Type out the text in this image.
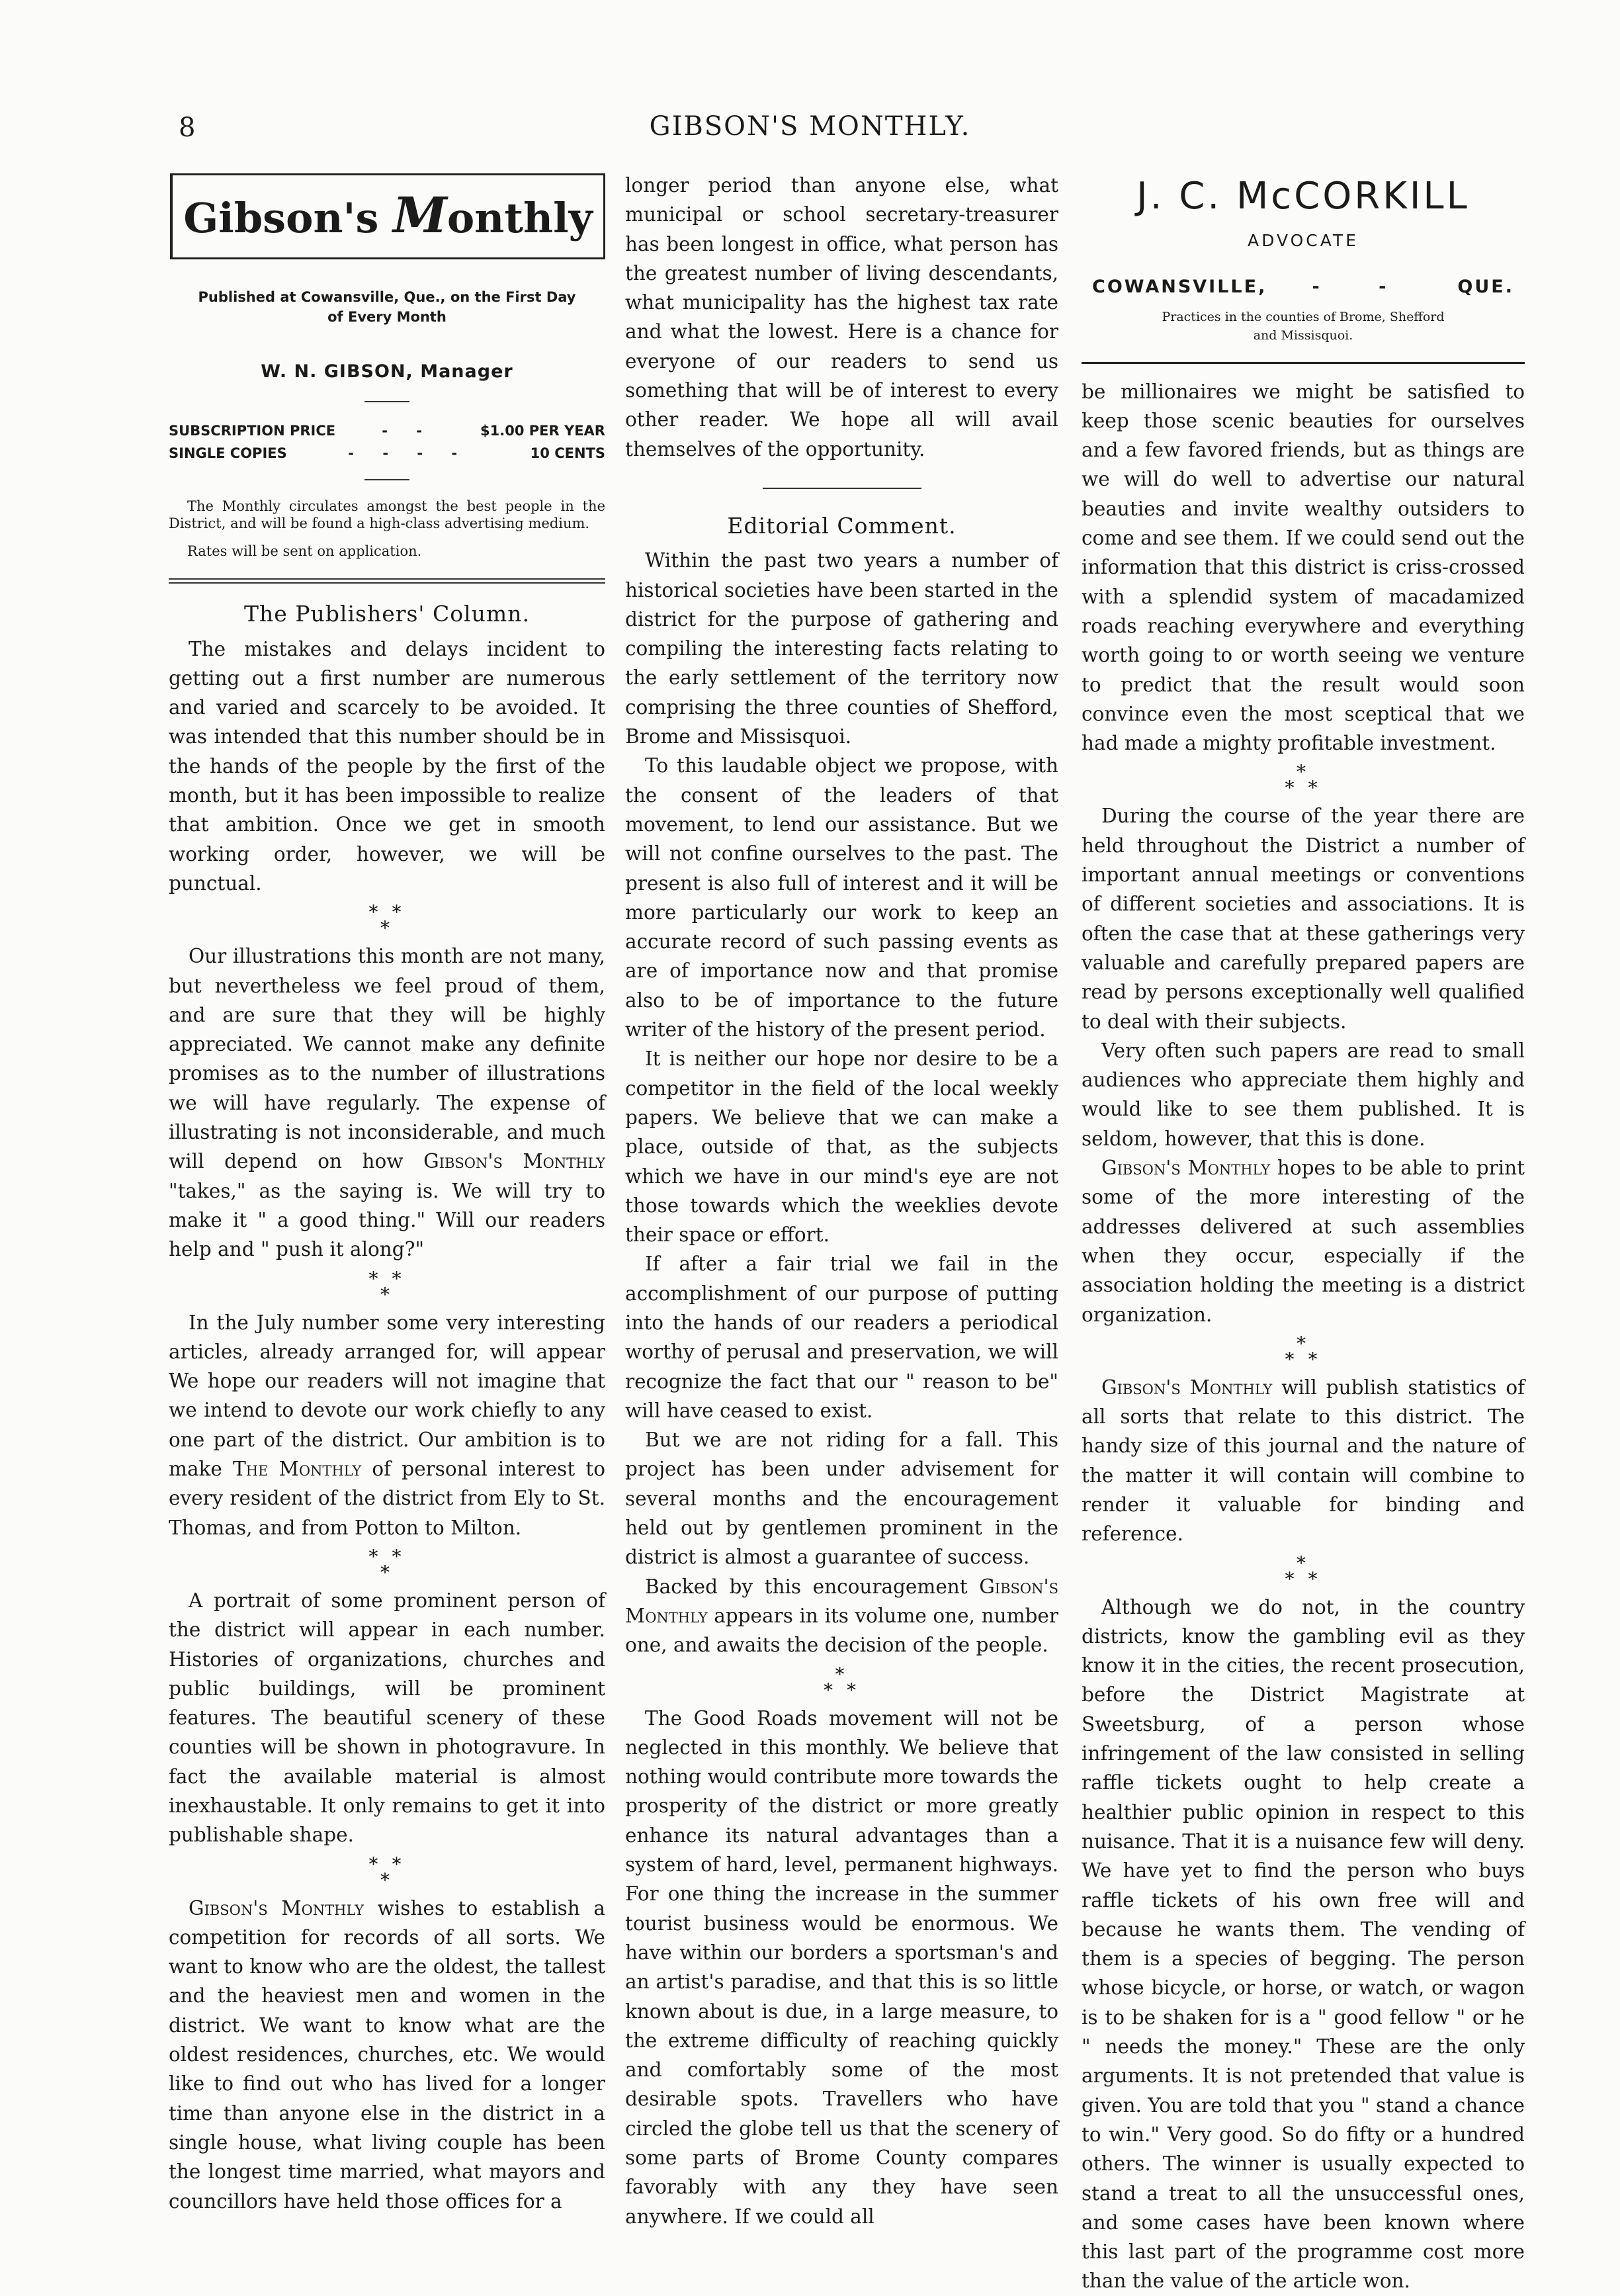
8	GIBSON'S MONTHLY.
Gibson's Monthly
Published at Cowansville, Que., on the First Day
of Every Month
W. N. GIBSON, Manager
SUBSCRIPTION PRICE	- -	$1.00 PER YEAR
SINGLE COPIES	- - - -	10 CENTS
The Monthly circulates amongst the best people in the District, and will be found a high-class advertising medium.
Rates will be sent on application.
The Publishers' Column.

The mistakes and delays incident to getting out a first number are numerous and varied and scarcely to be avoided. It was intended that this number should be in the hands of the people by the first of the month, but it has been impossible to realize that ambition. Once we get in smooth working order, however, we will be punctual.

* *
*

Our illustrations this month are not many, but nevertheless we feel proud of them, and are sure that they will be highly appreciated. We cannot make any definite promises as to the number of illustrations we will have regularly. The expense of illustrating is not inconsiderable, and much will depend on how Gibson's Monthly "takes," as the saying is. We will try to make it " a good thing." Will our readers help and " push it along?"

* *
*

In the July number some very interesting articles, already arranged for, will appear We hope our readers will not imagine that we intend to devote our work chiefly to any one part of the district. Our ambition is to make The Monthly of personal interest to every resident of the district from Ely to St. Thomas, and from Potton to Milton.

* *
*

A portrait of some prominent person of the district will appear in each number. Histories of organizations, churches and public buildings, will be prominent features. The beautiful scenery of these counties will be shown in photogravure. In fact the available material is almost inexhaustable. It only remains to get it into publishable shape.

* *
*

Gibson's Monthly wishes to establish a competition for records of all sorts. We want to know who are the oldest, the tallest and the heaviest men and women in the district. We want to know what are the oldest residences, churches, etc. We would like to find out who has lived for a longer time than anyone else in the district in a single house, what living couple has been the longest time married, what mayors and councillors have held those offices for a

longer period than anyone else, what municipal or school secretary-treasurer has been longest in office, what person has the greatest number of living descendants, what municipality has the highest tax rate and what the lowest. Here is a chance for everyone of our readers to send us something that will be of interest to every other reader. We hope all will avail themselves of the opportunity.

Editorial Comment.

Within the past two years a number of historical societies have been started in the district for the purpose of gathering and compiling the interesting facts relating to the early settlement of the territory now comprising the three counties of Shefford, Brome and Missisquoi.

To this laudable object we propose, with the consent of the leaders of that movement, to lend our assistance. But we will not confine ourselves to the past. The present is also full of interest and it will be more particularly our work to keep an accurate record of such passing events as are of importance now and that promise also to be of importance to the future writer of the history of the present period.

It is neither our hope nor desire to be a competitor in the field of the local weekly papers. We believe that we can make a place, outside of that, as the subjects which we have in our mind's eye are not those towards which the weeklies devote their space or effort.

If after a fair trial we fail in the accomplishment of our purpose of putting into the hands of our readers a periodical worthy of perusal and preservation, we will recognize the fact that our " reason to be" will have ceased to exist.

But we are not riding for a fall. This project has been under advisement for several months and the encouragement held out by gentlemen prominent in the district is almost a guarantee of success.

Backed by this encouragement Gibson's Monthly appears in its volume one, number one, and awaits the decision of the people.

*
* *

The Good Roads movement will not be neglected in this monthly. We believe that nothing would contribute more towards the prosperity of the district or more greatly enhance its natural advantages than a system of hard, level, permanent highways. For one thing the increase in the summer tourist business would be enormous. We have within our borders a sportsman's and an artist's paradise, and that this is so little known about is due, in a large measure, to the extreme difficulty of reaching quickly and comfortably some of the most desirable spots. Travellers who have circled the globe tell us that the scenery of some parts of Brome County compares favorably with any they have seen anywhere. If we could all

J. C. McCORKILL
ADVOCATE
COWANSVILLE,	- -	QUE.
Practices in the counties of Brome, Shefford
and Missisquoi.

be millionaires we might be satisfied to keep those scenic beauties for ourselves and a few favored friends, but as things are we will do well to advertise our natural beauties and invite wealthy outsiders to come and see them. If we could send out the information that this district is criss-crossed with a splendid system of macadamized roads reaching everywhere and everything worth going to or worth seeing we venture to predict that the result would soon convince even the most sceptical that we had made a mighty profitable investment.

*
* *

During the course of the year there are held throughout the District a number of important annual meetings or conventions of different societies and associations. It is often the case that at these gatherings very valuable and carefully prepared papers are read by persons exceptionally well qualified to deal with their subjects.

Very often such papers are read to small audiences who appreciate them highly and would like to see them published. It is seldom, however, that this is done.

Gibson's Monthly hopes to be able to print some of the more interesting of the addresses delivered at such assemblies when they occur, especially if the association holding the meeting is a district organization.

*
* *

Gibson's Monthly will publish statistics of all sorts that relate to this district. The handy size of this journal and the nature of the matter it will contain will combine to render it valuable for binding and reference.

*
* *

Although we do not, in the country districts, know the gambling evil as they know it in the cities, the recent prosecution, before the District Magistrate at Sweetsburg, of a person whose infringement of the law consisted in selling raffle tickets ought to help create a healthier public opinion in respect to this nuisance. That it is a nuisance few will deny. We have yet to find the person who buys raffle tickets of his own free will and because he wants them. The vending of them is a species of begging. The person whose bicycle, or horse, or watch, or wagon is to be shaken for is a " good fellow " or he " needs the money." These are the only arguments. It is not pretended that value is given. You are told that you " stand a chance to win." Very good. So do fifty or a hundred others. The winner is usually expected to stand a treat to all the unsuccessful ones, and some cases have been known where this last part of the programme cost more than the value of the article won.
